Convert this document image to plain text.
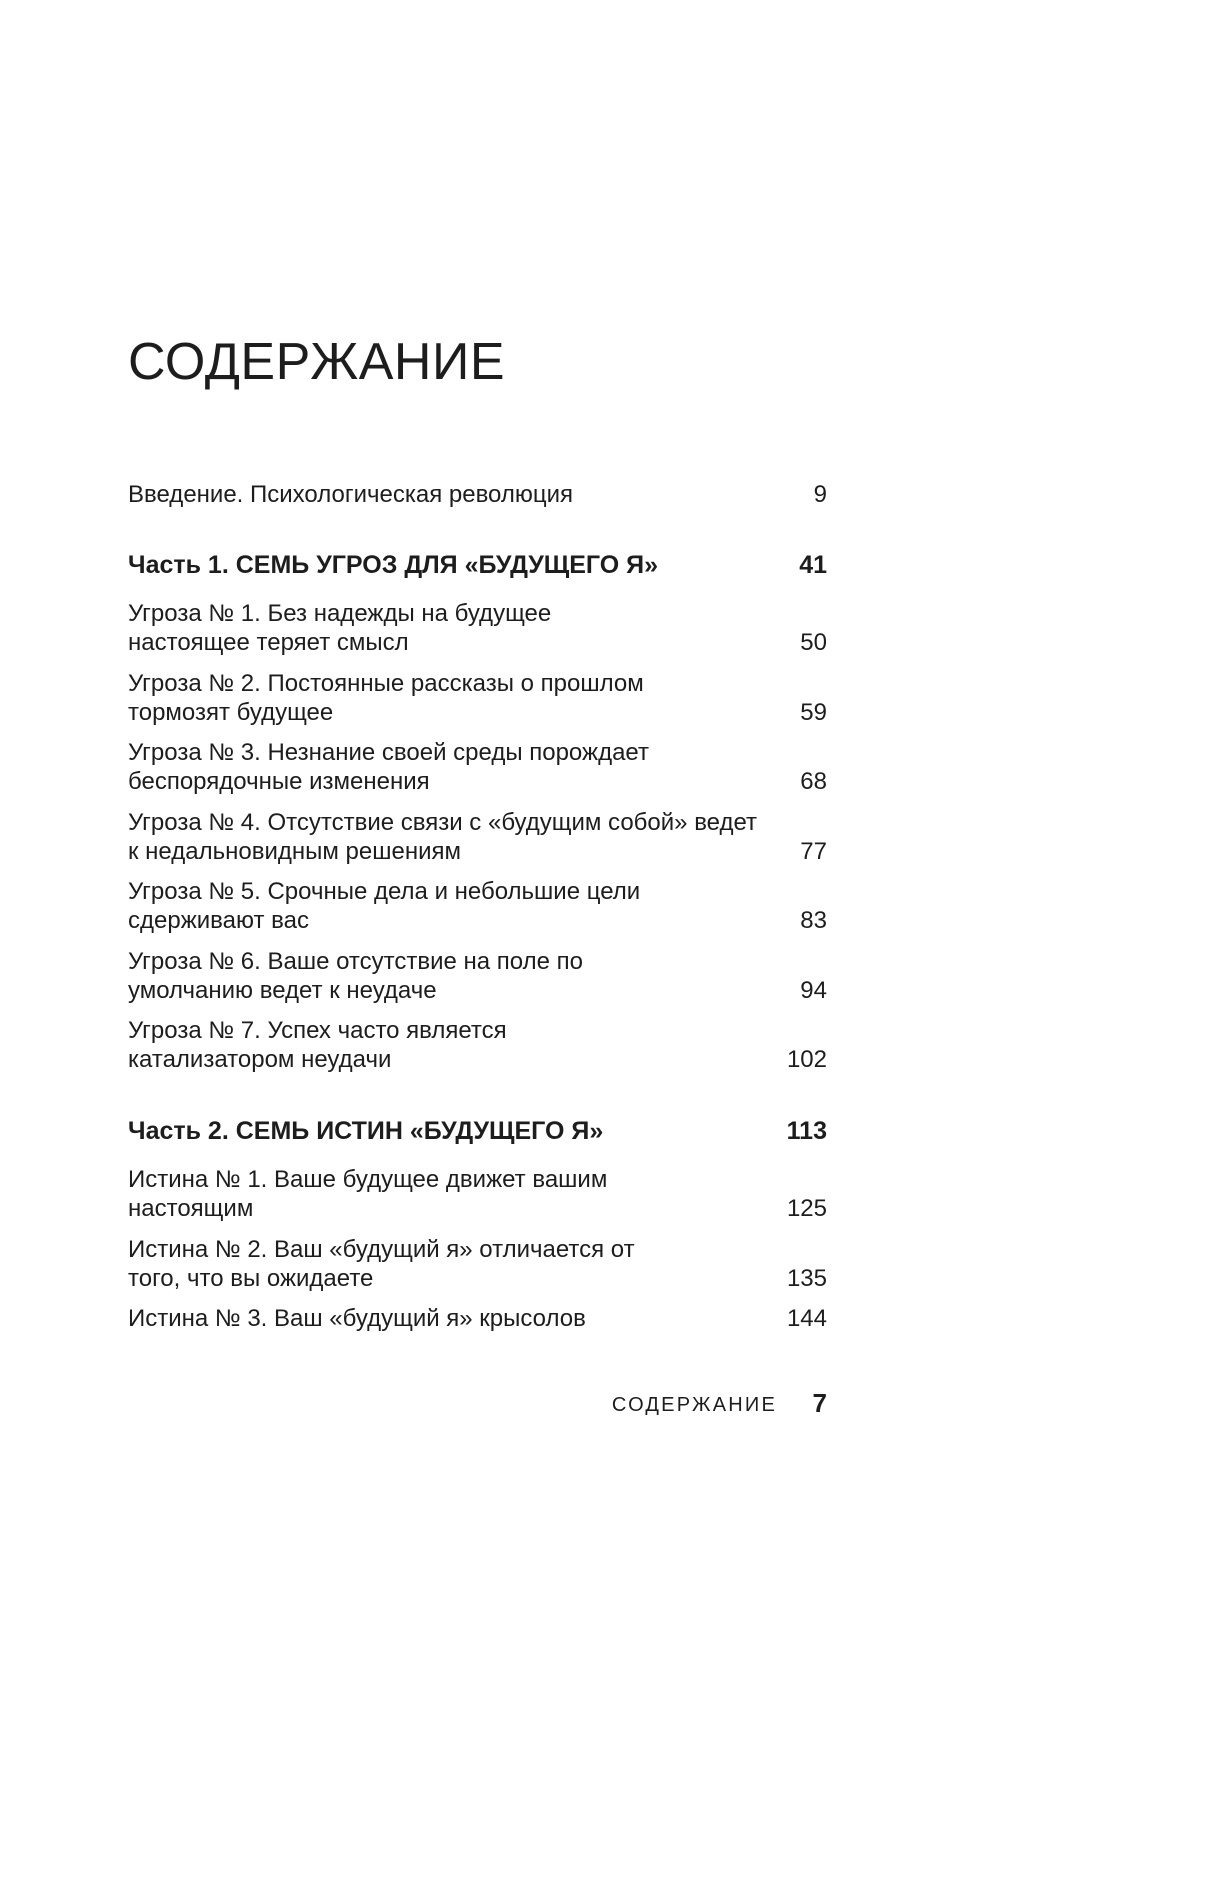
СОДЕРЖАНИЕ
Введение. Психологическая революция	9
Часть 1. СЕМЬ УГРОЗ ДЛЯ «БУДУЩЕГО Я»	41
Угроза № 1. Без надежды на будущее настоящее теряет смысл	50
Угроза № 2. Постоянные рассказы о прошлом тормозят будущее	59
Угроза № 3. Незнание своей среды порождает беспорядочные изменения	68
Угроза № 4. Отсутствие связи с «будущим собой» ведет к недальновидным решениям	77
Угроза № 5. Срочные дела и небольшие цели сдерживают вас	83
Угроза № 6. Ваше отсутствие на поле по умолчанию ведет к неудаче	94
Угроза № 7. Успех часто является катализатором неудачи	102
Часть 2. СЕМЬ ИСТИН «БУДУЩЕГО Я»	113
Истина № 1. Ваше будущее движет вашим настоящим	125
Истина № 2. Ваш «будущий я» отличается от того, что вы ожидаете	135
Истина № 3. Ваш «будущий я» крысолов	144
СОДЕРЖАНИЕ 7
